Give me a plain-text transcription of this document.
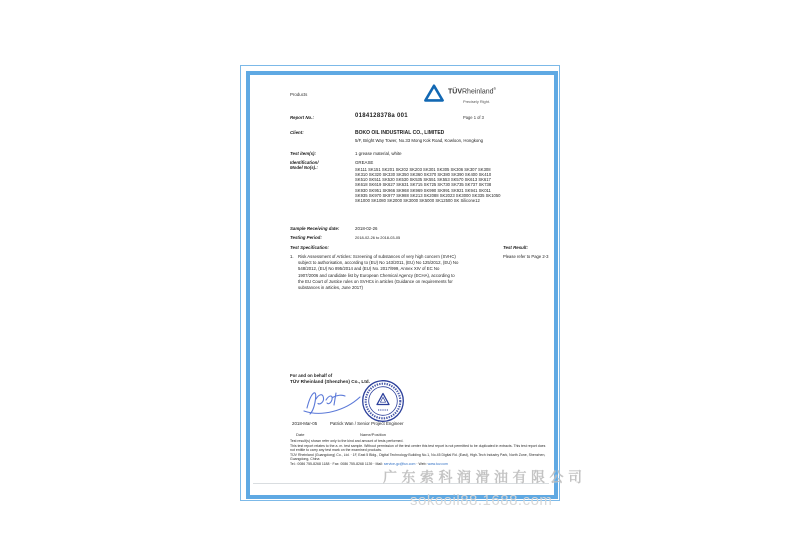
Products	TÜVRheinland®
Precisely Right.
Report No.:	0184128378a 001	Page 1 of 3
Client:	BOKO OIL INDUSTRIAL CO., LIMITED
5/F, Bright Way Tower, No.33 Mong Kok Road, Kowloon, Hongkong
Test item(s):	1 grease material, white
Identification/
Model No(s).:
GREASE
SK111 SK151 SK201 SK202 SK203 SK301 SK305 SK306 SK307 SK308
SK310 SK320 SK330 SK350 SK360 SK370 SK380 SK390 SK400 SK410
SK510 SK511 SK520 SK530 SK535 SK551 SK553 SK570 SK613 SK617
SK618 SK619 SK627 SK631 SK715 SK725 SK730 SK735 SK737 SK738
SK930 SK951 SK966 SK968 SK969 SK990 SK991 SK921 SK941 SK011
SK935 SK970 SK977 SK988 SK213 SK2088 SK2023 SK3000 SK335 SK1050
SK1000 SK1080 SK2000 SK3000 SK5000 SK12500 SK Silicone12
Sample Receiving date:	2018-02-26
Testing Period:	2018-02-26 to 2018-03-05
Test Specification:	Test Result:
1. Risk Assessment of Articles: Screening of substances of very high concern (SVHC) subject to authorisation, according to (EU) No 143/2011, (EU) No 125/2012, (EU) No 548/2012, (EU) No 895/2014 and (EU) No. 2017/999, Annex XIV of EC No 1907/2006 and candidate list by European Chemical Agency (ECHA), according to the EU Court of Justice rules on SVHCs in articles (Guidance on requirements for substances in articles, June 2017)
Please refer to Page 2-3
For and on behalf of
TÜV Rheinland (Shenzhen) Co., Ltd.
2018-Mar-05	Patrick Wan / Senior Project Engineer
Date	Name/Position
Test result(s) shown refer only to the kind and amount of tests performed.
This test report relates to the a. m. test sample. Without permission of the test center this test report is not permitted to be duplicated in extracts. This test report does not entitle to carry any test mark on the examined products.
TÜV Rheinland (Guangdong) Co., Ltd. · 1F, East 5 Bldg., Digital Technology Building No.1, No.45 Digital Rd. (East), High-Tech Industry Park, North Zone, Shenzhen, Guangdong, China
Tel.: 0086 755-8268 1188 · Fax: 0086 755-8268 1139 · Mail: service-gc@tuv.com · Web: www.tuv.com
广东索科润滑油有限公司
sokooil88.1688.com
